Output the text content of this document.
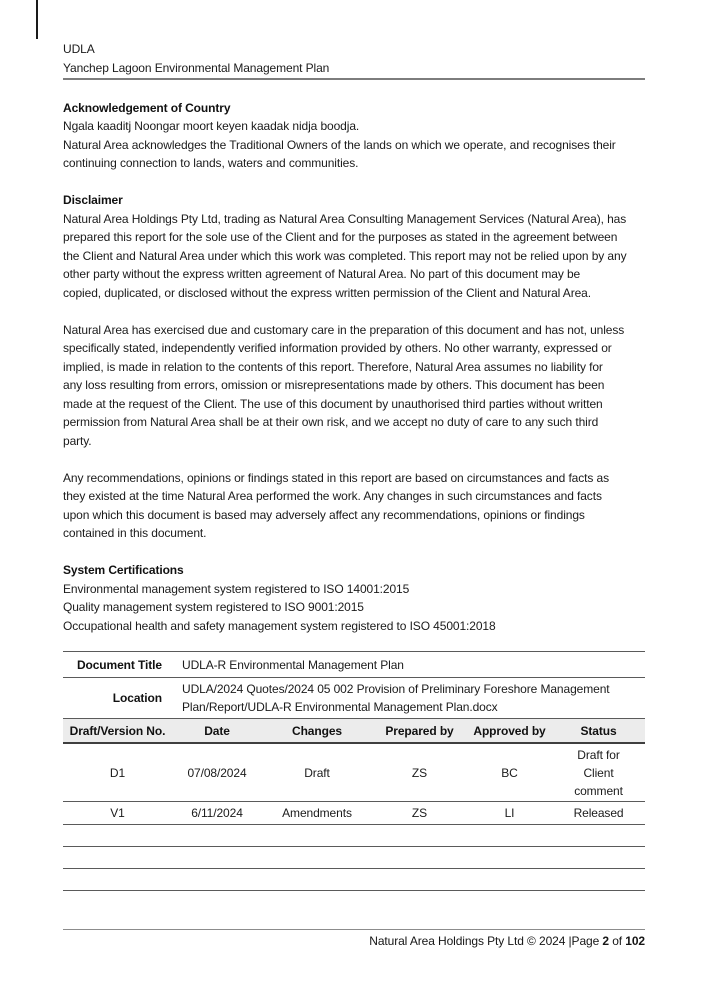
UDLA
Yanchep Lagoon Environmental Management Plan
Acknowledgement of Country
Ngala kaaditj Noongar moort keyen kaadak nidja boodja.
Natural Area acknowledges the Traditional Owners of the lands on which we operate, and recognises their
continuing connection to lands, waters and communities.
Disclaimer
Natural Area Holdings Pty Ltd, trading as Natural Area Consulting Management Services (Natural Area), has
prepared this report for the sole use of the Client and for the purposes as stated in the agreement between
the Client and Natural Area under which this work was completed. This report may not be relied upon by any
other party without the express written agreement of Natural Area. No part of this document may be
copied, duplicated, or disclosed without the express written permission of the Client and Natural Area.
Natural Area has exercised due and customary care in the preparation of this document and has not, unless
specifically stated, independently verified information provided by others. No other warranty, expressed or
implied, is made in relation to the contents of this report. Therefore, Natural Area assumes no liability for
any loss resulting from errors, omission or misrepresentations made by others. This document has been
made at the request of the Client. The use of this document by unauthorised third parties without written
permission from Natural Area shall be at their own risk, and we accept no duty of care to any such third
party.
Any recommendations, opinions or findings stated in this report are based on circumstances and facts as
they existed at the time Natural Area performed the work. Any changes in such circumstances and facts
upon which this document is based may adversely affect any recommendations, opinions or findings
contained in this document.
System Certifications
Environmental management system registered to ISO 14001:2015
Quality management system registered to ISO 9001:2015
Occupational health and safety management system registered to ISO 45001:2018
Document Title	UDLA-R Environmental Management Plan				
Location	UDLA/2024 Quotes/2024 05 002 Provision of Preliminary Foreshore Management
Plan/Report/UDLA-R Environmental Management Plan.docx				

Draft/Version No.	Date	Changes	Prepared by	Approved by	Status
D1	07/08/2024	Draft	ZS	BC	Draft for Client comment
V1	6/11/2024	Amendments	ZS	LI	Released

Natural Area Holdings Pty Ltd © 2024 |Page 2 of 102
